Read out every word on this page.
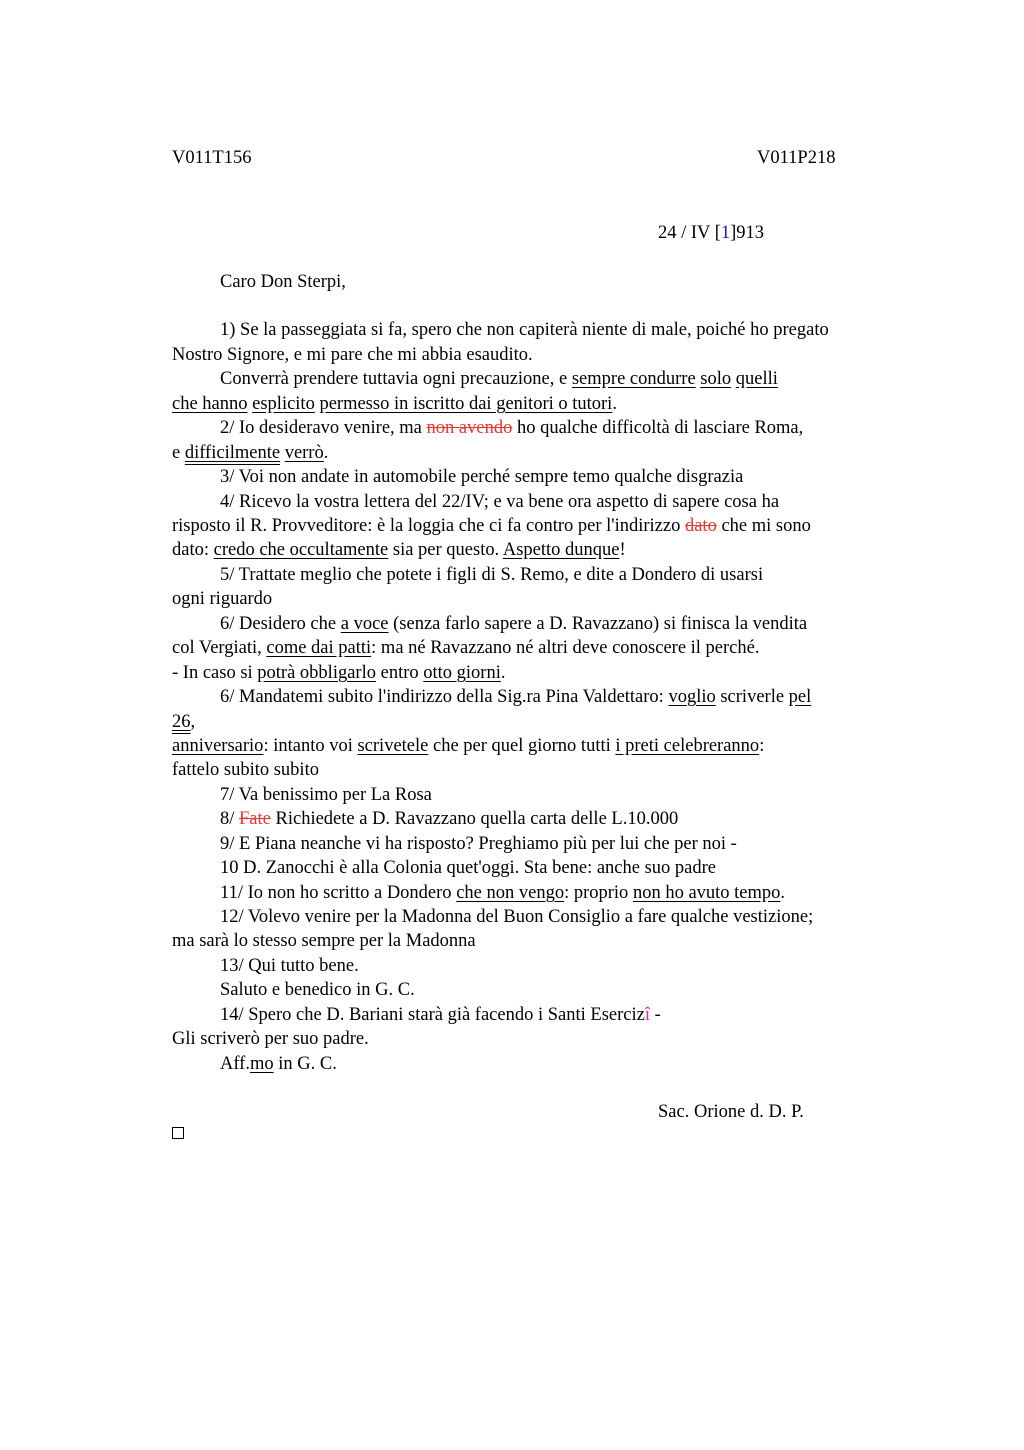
V011T156	V011P218
24 / IV [1]913
Caro Don Sterpi,
1) Se la passeggiata si fa, spero che non capiterà niente di male, poiché ho pregato
Nostro Signore, e mi pare che mi abbia esaudito.
Converrà prendere tuttavia ogni precauzione, e sempre condurre solo quelli
che hanno esplicito permesso in iscritto dai genitori o tutori.
2/ Io desideravo venire, ma non avendo ho qualche difficoltà di lasciare Roma,
e difficilmente verrò.
3/ Voi non andate in automobile perché sempre temo qualche disgrazia
4/ Ricevo la vostra lettera del 22/IV; e va bene ora aspetto di sapere cosa ha
risposto il R. Provveditore: è la loggia che ci fa contro per l'indirizzo dato che mi sono
dato: credo che occultamente sia per questo. Aspetto dunque!
5/ Trattate meglio che potete i figli di S. Remo, e dite a Dondero di usarsi
ogni riguardo
6/ Desidero che a voce (senza farlo sapere a D. Ravazzano) si finisca la vendita
col Vergiati, come dai patti: ma né Ravazzano né altri deve conoscere il perché.
- In caso si potrà obbligarlo entro otto giorni.
6/ Mandatemi subito l'indirizzo della Sig.ra Pina Valdettaro: voglio scriverle pel
26,
anniversario: intanto voi scrivetele che per quel giorno tutti i preti celebreranno:
fattelo subito subito
7/ Va benissimo per La Rosa
8/ Fate Richiedete a D. Ravazzano quella carta delle L.10.000
9/ E Piana neanche vi ha risposto? Preghiamo più per lui che per noi -
10 D. Zanocchi è alla Colonia quet'oggi. Sta bene: anche suo padre
11/ Io non ho scritto a Dondero che non vengo: proprio non ho avuto tempo.
12/ Volevo venire per la Madonna del Buon Consiglio a fare qualche vestizione;
ma sarà lo stesso sempre per la Madonna
13/ Qui tutto bene.
Saluto e benedico in G. C.
14/ Spero che D. Bariani starà già facendo i Santi Esercizî -
Gli scriverò per suo padre.
Aff.mo in G. C.
Sac. Orione d. D. P.
